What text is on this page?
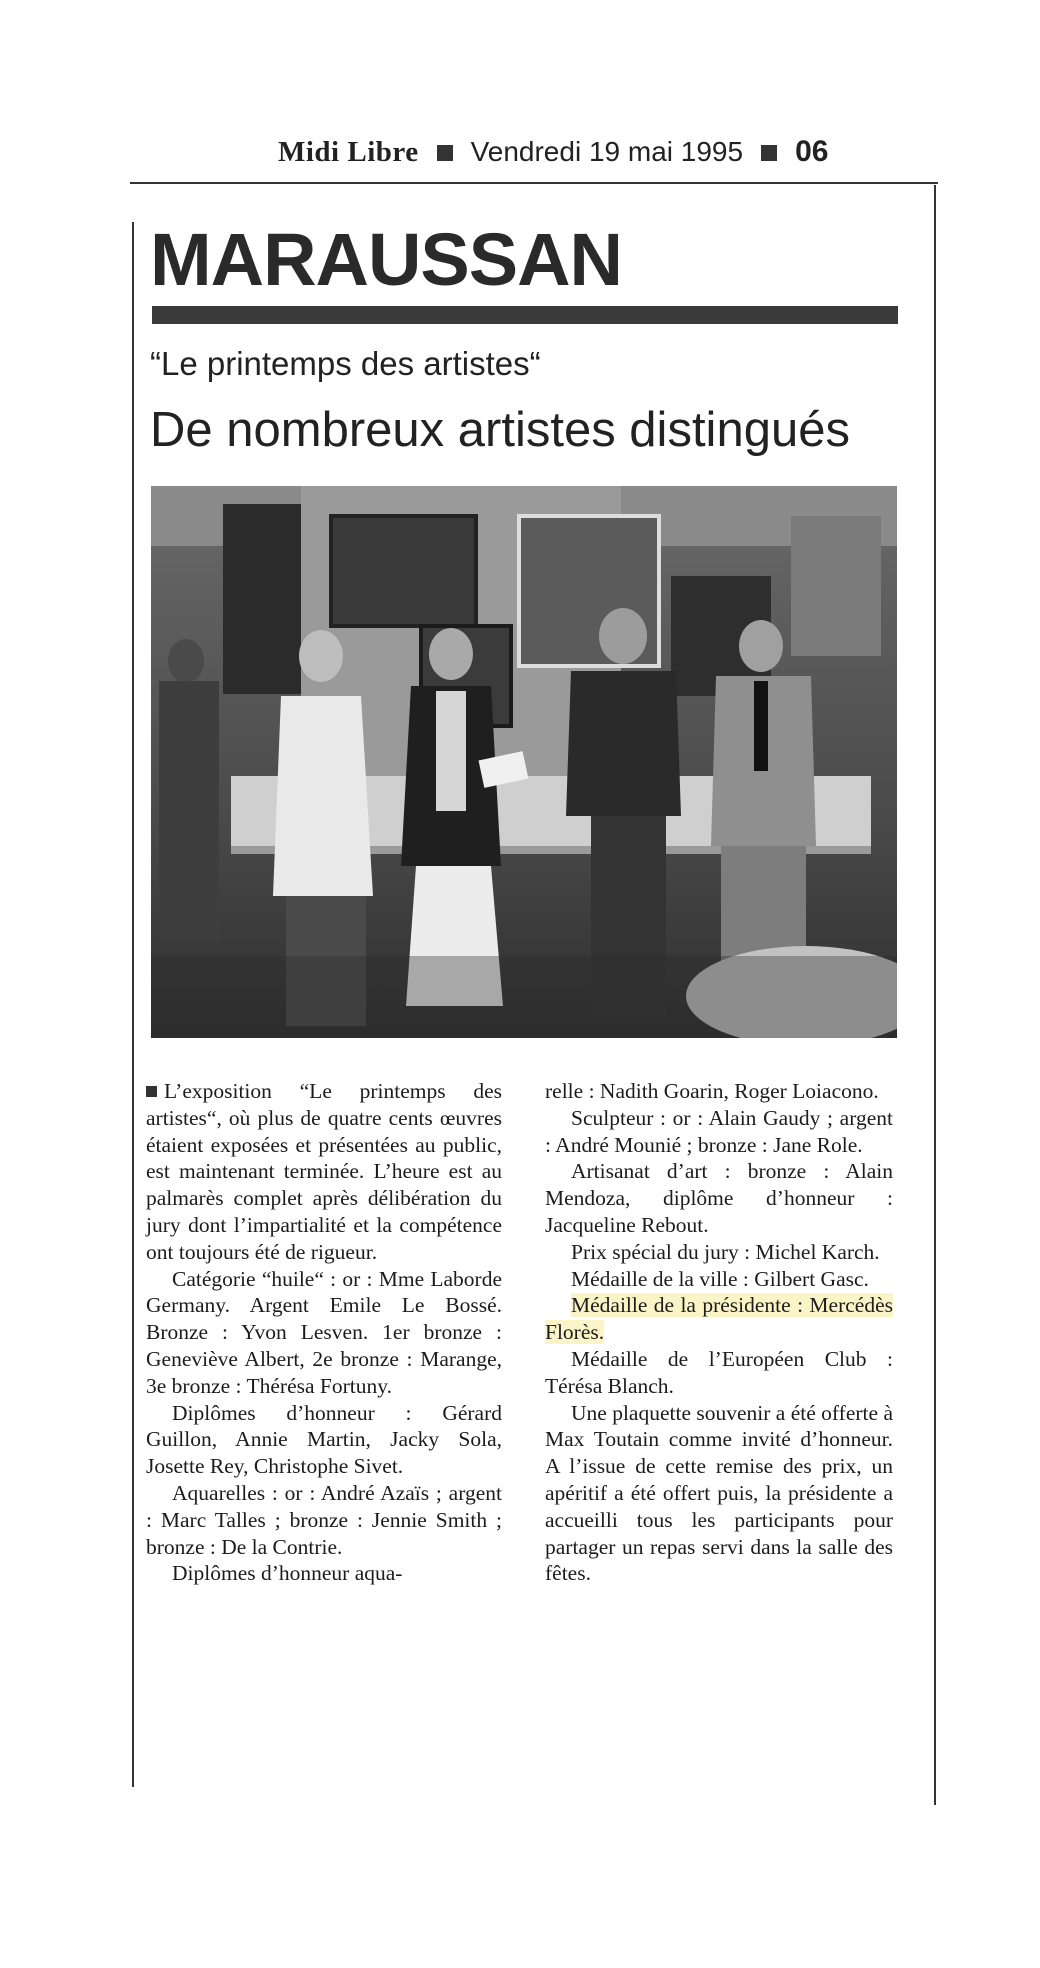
Midi Libre Vendredi 19 mai 1995 06
MARAUSSAN
“Le printemps des artistes“
De nombreux artistes distingués

L’exposition “Le printemps des artistes“, où plus de quatre cents œuvres étaient exposées et présentées au public, est maintenant terminée. L’heure est au palmarès complet après délibération du jury dont l’impartialité et la compétence ont toujours été de rigueur.

Catégorie “huile“ : or : Mme Laborde Germany. Argent Emile Le Bossé. Bronze : Yvon Lesven. 1er bronze : Geneviève Albert, 2e bronze : Marange, 3e bronze : Thérésa Fortuny.

Diplômes d’honneur : Gérard Guillon, Annie Martin, Jacky Sola, Josette Rey, Christophe Sivet.

Aquarelles : or : André Azaïs ; argent : Marc Talles ; bronze : Jennie Smith ; bronze : De la Contrie.

Diplômes d’honneur aqua-

relle : Nadith Goarin, Roger Loiacono.

Sculpteur : or : Alain Gaudy ; argent : André Mounié ; bronze : Jane Role.

Artisanat d’art : bronze : Alain Mendoza, diplôme d’honneur : Jacqueline Rebout.

Prix spécial du jury : Michel Karch.

Médaille de la ville : Gilbert Gasc.

Médaille de la présidente : Mercédès Florès.

Médaille de l’Européen Club : Térésa Blanch.

Une plaquette souvenir a été offerte à Max Toutain comme invité d’honneur. A l’issue de cette remise des prix, un apéritif a été offert puis, la présidente a accueilli tous les participants pour partager un repas servi dans la salle des fêtes.
